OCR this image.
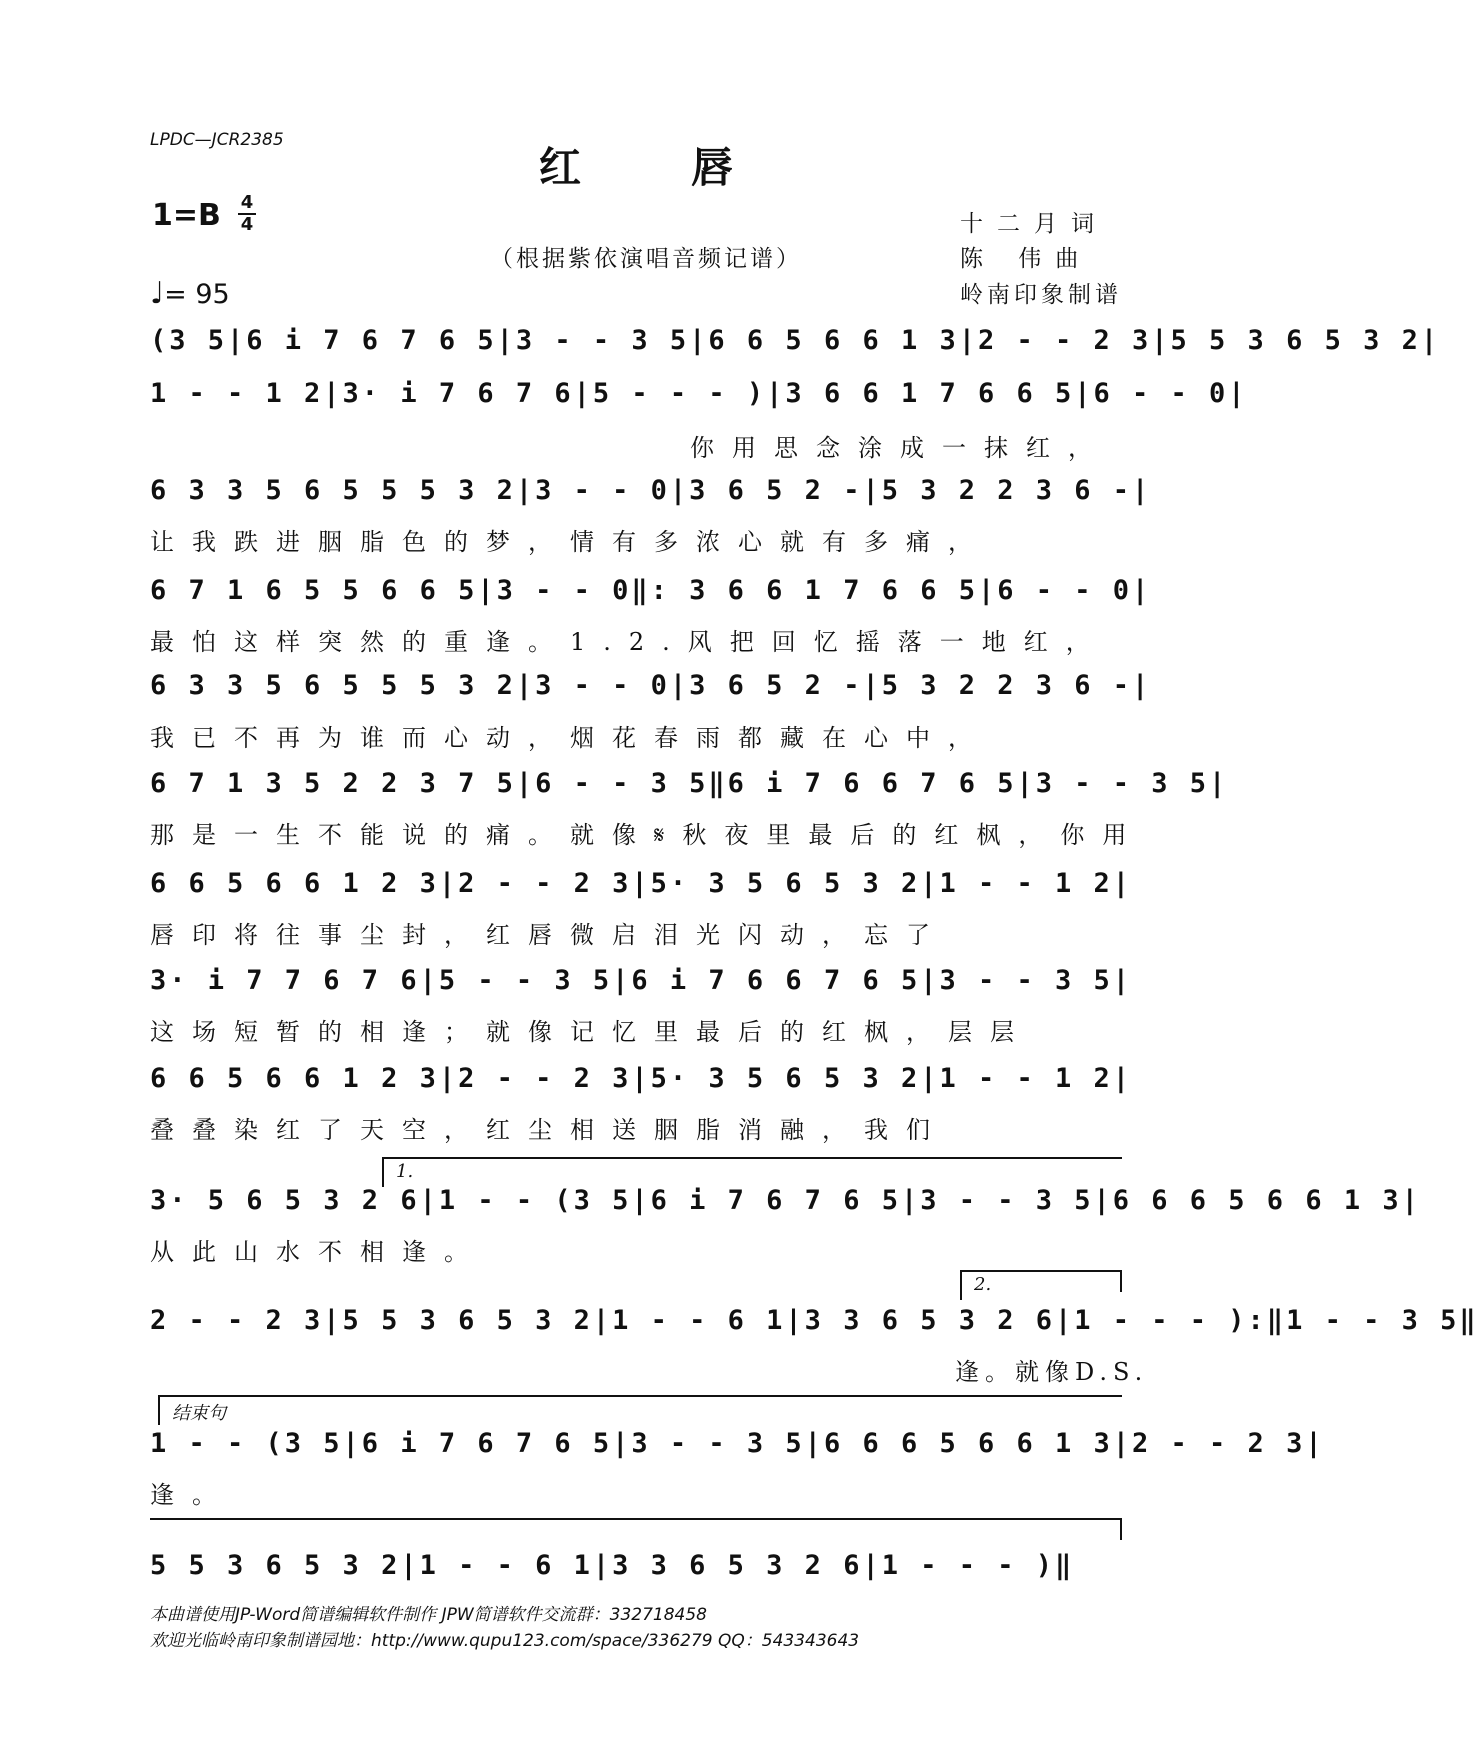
LPDC—JCR2385
红唇
1=B 4
4
（根据紫依演唱音频记谱）
十二月词
陈 伟曲
岭南印象制谱
♩= 95
(3 5|6 i 7 6 7 6 5|3 - - 3 5|6 6 5 6 6 1 3|2 - - 2 3|5 5 3 6 5 3 2|
1 - - 1 2|3· i 7 6 7 6|5 - - - )|3 6 6 1 7 6 6 5|6 - - 0|
你用思念涂成一抹红，
6 3 3 5 6 5 5 5 3 2|3 - - 0|3 6 5 2 -|5 3 2 2 3 6 -|
让我跌进胭脂色的梦，情有多浓心就有多痛，
6 7 1 6 5 5 6 6 5|3 - - 0‖: 3 6 6 1 7 6 6 5|6 - - 0|
最怕这样突然的重逢。1.2.风把回忆摇落一地红，
6 3 3 5 6 5 5 5 3 2|3 - - 0|3 6 5 2 -|5 3 2 2 3 6 -|
我已不再为谁而心动，烟花春雨都藏在心中，
6 7 1 3 5 2 2 3 7 5|6 - - 3 5‖6 i 7 6 6 7 6 5|3 - - 3 5|
那是一生不能说的痛。就像𝄋秋夜里最后的红枫，你用
6 6 5 6 6 1 2 3|2 - - 2 3|5· 3 5 6 5 3 2|1 - - 1 2|
唇印将往事尘封，红唇微启泪光闪动，忘了
3· i 7 7 6 7 6|5 - - 3 5|6 i 7 6 6 7 6 5|3 - - 3 5|
这场短暂的相逢；就像记忆里最后的红枫，层层
6 6 5 6 6 1 2 3|2 - - 2 3|5· 3 5 6 5 3 2|1 - - 1 2|
叠叠染红了天空，红尘相送胭脂消融，我们
1.
3· 5 6 5 3 2 6|1 - - (3 5|6 i 7 6 7 6 5|3 - - 3 5|6 6 6 5 6 6 1 3|
从此山水不相逢。
2.
2 - - 2 3|5 5 3 6 5 3 2|1 - - 6 1|3 3 6 5 3 2 6|1 - - - ):‖1 - - 3 5‖
逢。就像D.S.
结束句
1 - - (3 5|6 i 7 6 7 6 5|3 - - 3 5|6 6 6 5 6 6 1 3|2 - - 2 3|
逢。
5 5 3 6 5 3 2|1 - - 6 1|3 3 6 5 3 2 6|1 - - - )‖
本曲谱使用JP-Word简谱编辑软件制作 JPW简谱软件交流群：332718458
欢迎光临岭南印象制谱园地：http://www.qupu123.com/space/336279 QQ：543343643
